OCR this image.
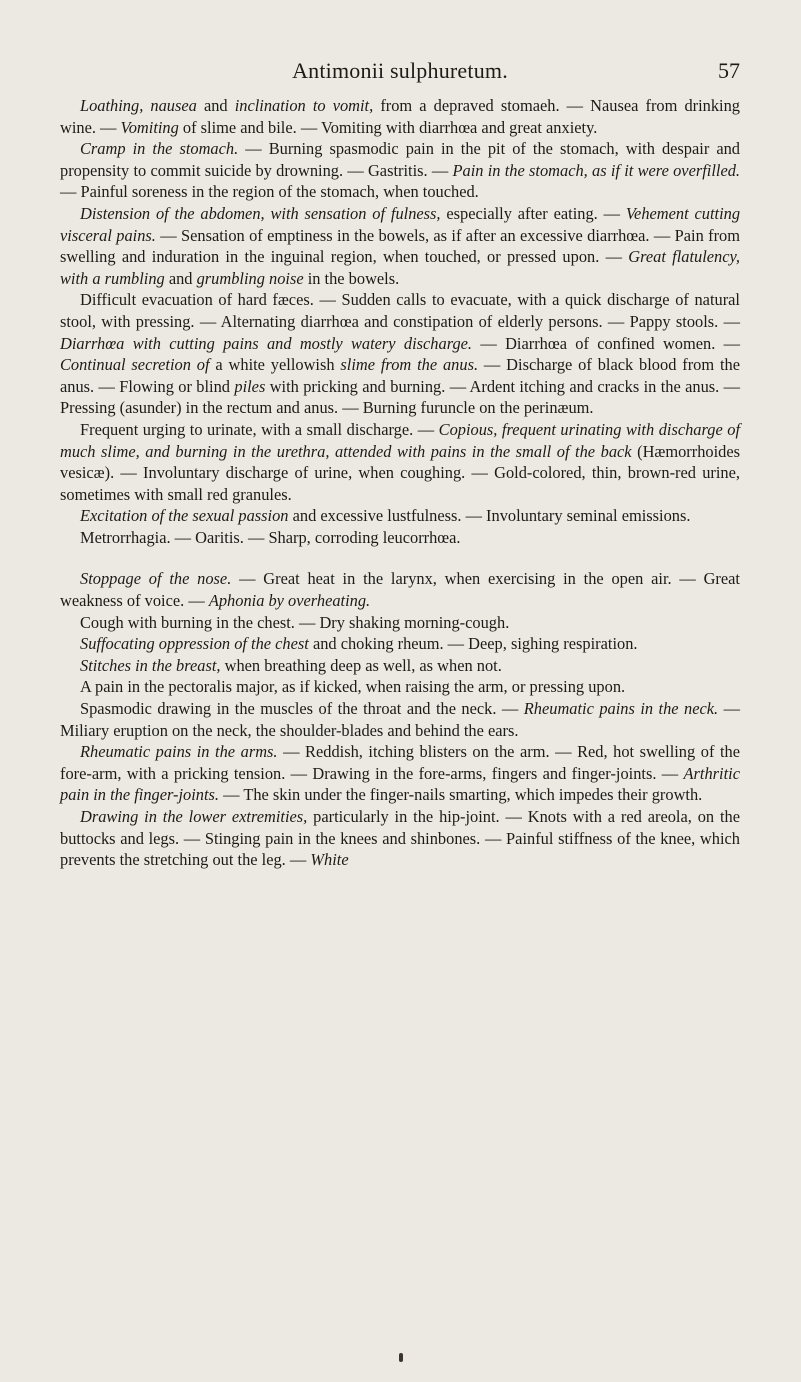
Antimonii sulphuretum.	57

Loathing, nausea and inclination to vomit, from a depraved stomaeh. — Nausea from drinking wine. — Vomiting of slime and bile. — Vomiting with diarrhœa and great anxiety.

Cramp in the stomach. — Burning spasmodic pain in the pit of the stomach, with despair and propensity to commit suicide by drowning. — Gastritis. — Pain in the stomach, as if it were overfilled. — Painful soreness in the region of the stomach, when touched.

Distension of the abdomen, with sensation of fulness, especially after eating. — Vehement cutting visceral pains. — Sensation of emptiness in the bowels, as if after an excessive diarrhœa. — Pain from swelling and induration in the inguinal region, when touched, or pressed upon. — Great flatulency, with a rumbling and grumbling noise in the bowels.

Difficult evacuation of hard fæces. — Sudden calls to evacuate, with a quick discharge of natural stool, with pressing. — Alternating diarrhœa and constipation of elderly persons. — Pappy stools. — Diarrhœa with cutting pains and mostly watery discharge. — Diarrhœa of confined women. — Continual secretion of a white yellowish slime from the anus. — Discharge of black blood from the anus. — Flowing or blind piles with pricking and burning. — Ardent itching and cracks in the anus. — Pressing (asunder) in the rectum and anus. — Burning furuncle on the perinæum.

Frequent urging to urinate, with a small discharge. — Copious, frequent urinating with discharge of much slime, and burning in the urethra, attended with pains in the small of the back (Hæmorrhoides vesicæ). — Involuntary discharge of urine, when coughing. — Gold-colored, thin, brown-red urine, sometimes with small red granules.

Excitation of the sexual passion and excessive lustfulness. — Involuntary seminal emissions.

Metrorrhagia. — Oaritis. — Sharp, corroding leucorrhœa.

Stoppage of the nose. — Great heat in the larynx, when exercising in the open air. — Great weakness of voice. — Aphonia by overheating.

Cough with burning in the chest. — Dry shaking morning-cough.

Suffocating oppression of the chest and choking rheum. — Deep, sighing respiration.

Stitches in the breast, when breathing deep as well, as when not.

A pain in the pectoralis major, as if kicked, when raising the arm, or pressing upon.

Spasmodic drawing in the muscles of the throat and the neck. — Rheumatic pains in the neck. — Miliary eruption on the neck, the shoulder-blades and behind the ears.

Rheumatic pains in the arms. — Reddish, itching blisters on the arm. — Red, hot swelling of the fore-arm, with a pricking tension. — Drawing in the fore-arms, fingers and finger-joints. — Arthritic pain in the finger-joints. — The skin under the finger-nails smarting, which impedes their growth.

Drawing in the lower extremities, particularly in the hip-joint. — Knots with a red areola, on the buttocks and legs. — Stinging pain in the knees and shinbones. — Painful stiffness of the knee, which prevents the stretching out the leg. — White
